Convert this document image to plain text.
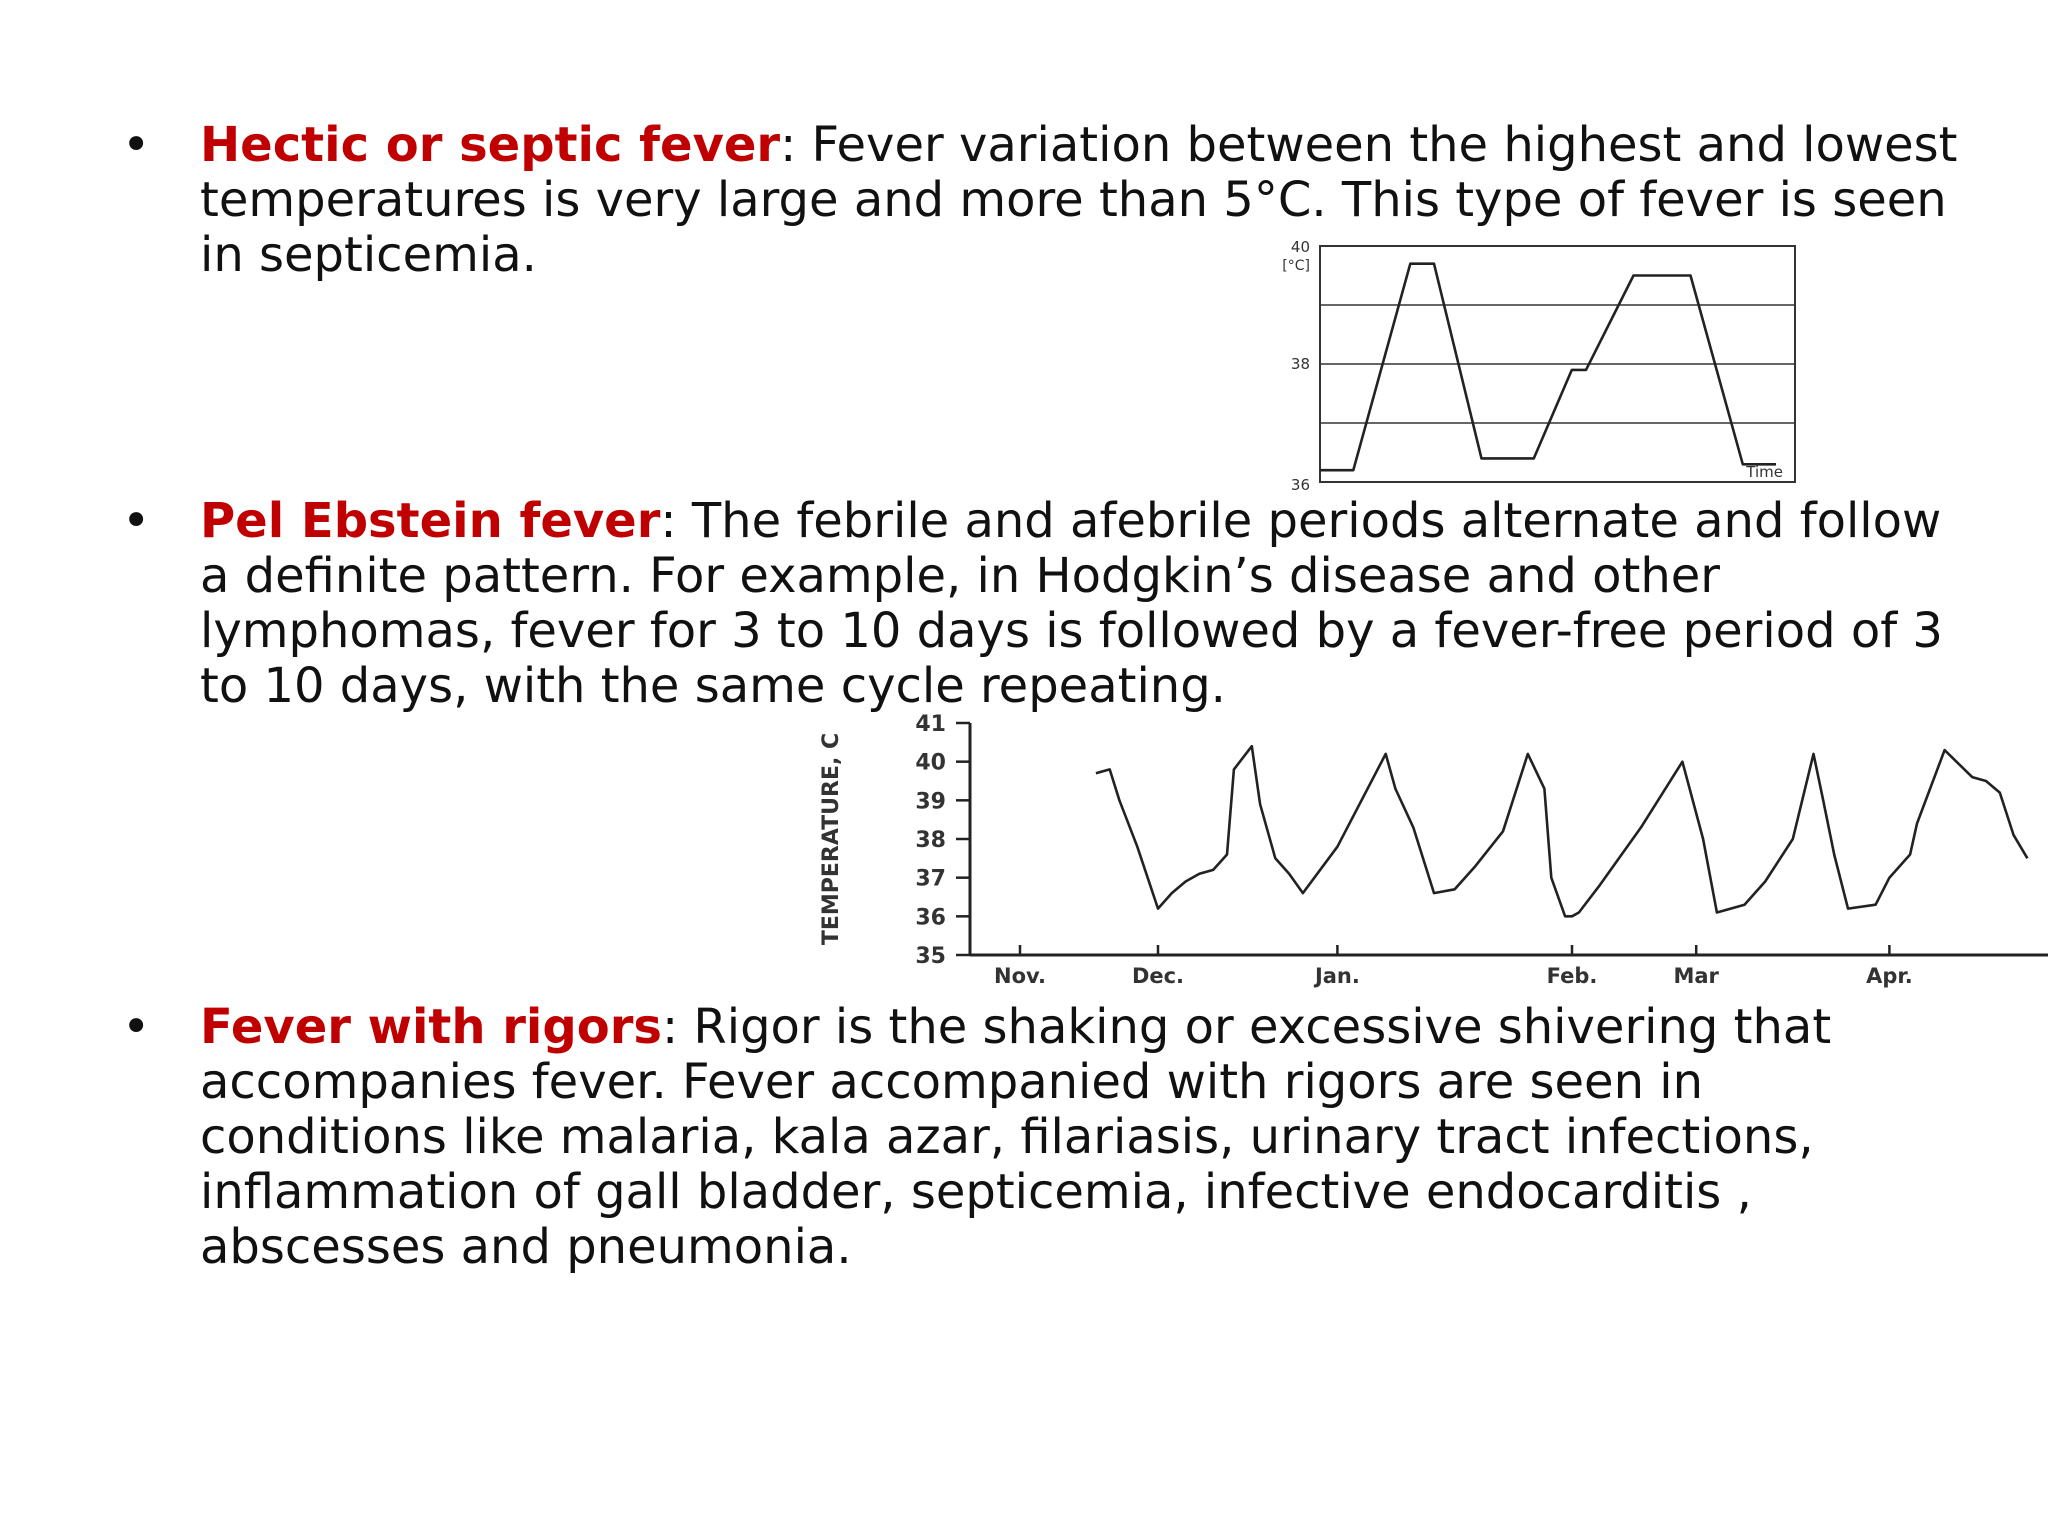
• Hectic or septic fever: Fever variation between the highest and lowest temperatures is very large and more than 5°C. This type of fever is seen in septicemia.	40
38
36
[°C]
Time
• Pel Ebstein fever: The febrile and afebrile periods alternate and follow a definite pattern. For example, in Hodgkin’s disease and other lymphomas, fever for 3 to 10 days is followed by a fever-free period of 3 to 10 days, with the same cycle repeating.
41
40
39
38
37
36
35
TEMPERATURE, C
Nov.	Dec.	Jan.	Feb.	Mar	Apr.
• Fever with rigors: Rigor is the shaking or excessive shivering that accompanies fever. Fever accompanied with rigors are seen in conditions like malaria, kala azar, filariasis, urinary tract infections, inflammation of gall bladder, septicemia, infective endocarditis , abscesses and pneumonia.
